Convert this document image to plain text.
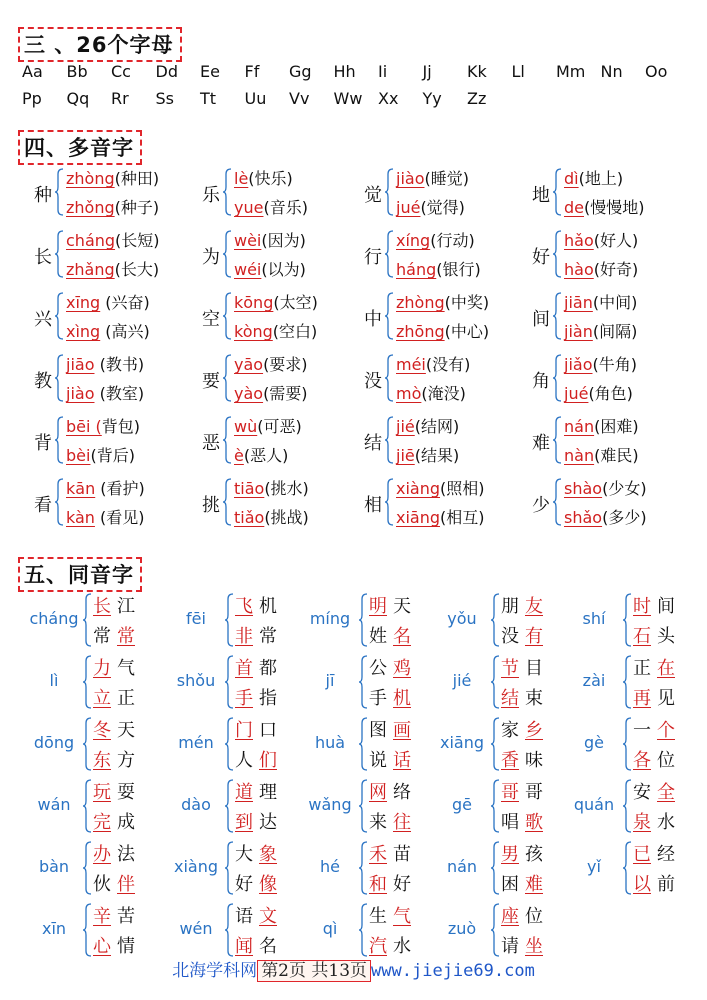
三 、26个字母
Aa Bb Cc Dd Ee Ff Gg Hh Ii Jj Kk Ll Mm Nn Oo
Pp Qq Rr Ss Tt Uu Vv Ww Xx Yy Zz
四、多音字
种
zhòng(种田)
zhǒng(种子)
乐
lè(快乐)
yue(音乐)
觉
jiào(睡觉)
jué(觉得)
地
dì(地上)
de(慢慢地)
长
cháng(长短)
zhǎng(长大)
为
wèi(因为)
wéi(以为)
行
xíng(行动)
háng(银行)
好
hǎo(好人)
hào(好奇)
兴
xīng (兴奋)
xìng (高兴)
空
kōng(太空)
kòng(空白)
中
zhòng(中奖)
zhōng(中心)
间
jiān(中间)
jiàn(间隔)
教
jiāo (教书)
jiào (教室)
要
yāo(要求)
yào(需要)
没
méi(没有)
mò(淹没)
角
jiǎo(牛角)
jué(角色)
背
bēi (背包)
bèi(背后)
恶
wù(可恶)
è(恶人)
结
jié(结网)
jiē(结果)
难
nán(困难)
nàn(难民)
看
kān (看护)
kàn (看见)
挑
tiāo(挑水)
tiǎo(挑战)
相
xiàng(照相)
xiāng(相互)
少
shào(少女)
shǎo(多少)
五、同音字
cháng
长 江
常 常
fēi
飞 机
非 常
míng
明 天
姓 名
yǒu
朋 友
没 有
shí
时 间
石 头
lì
力 气
立 正
shǒu
首 都
手 指
jī
公 鸡
手 机
jié
节 目
结 束
zài
正 在
再 见
dōng
冬 天
东 方
mén
门 口
人 们
huà
图 画
说 话
xiāng
家 乡
香 味
gè
一 个
各 位
wán
玩 耍
完 成
dào
道 理
到 达
wǎng
网 络
来 往
gē
哥 哥
唱 歌
quán
安 全
泉 水
bàn
办 法
伙 伴
xiàng
大 象
好 像
hé
禾 苗
和 好
nán
男 孩
困 难
yǐ
已 经
以 前
xīn
辛 苦
心 情
wén
语 文
闻 名
qì
生 气
汽 水
zuò
座 位
请 坐
北海学科网 第2页 共13页 www.jiejie69.com
